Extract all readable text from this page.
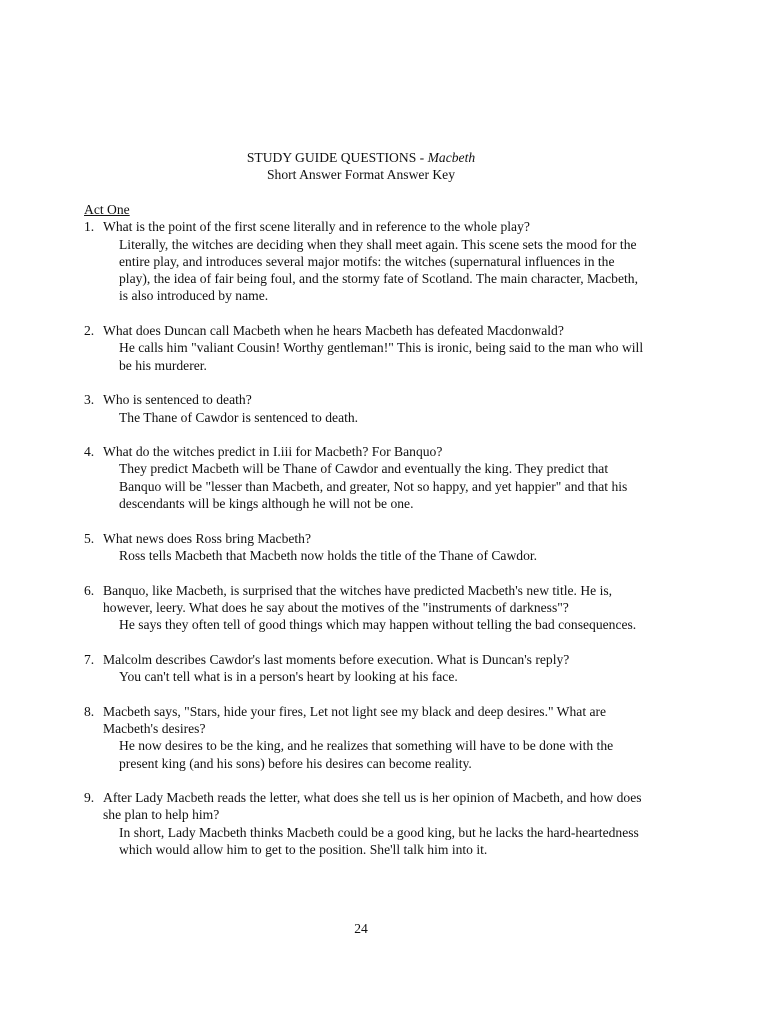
STUDY GUIDE QUESTIONS - Macbeth
Short Answer Format Answer Key
Act One
1. What is the point of the first scene literally and in reference to the whole play?
Literally, the witches are deciding when they shall meet again. This scene sets the mood for the entire play, and introduces several major motifs: the witches (supernatural influences in the play), the idea of fair being foul, and the stormy fate of Scotland. The main character, Macbeth, is also introduced by name.
2. What does Duncan call Macbeth when he hears Macbeth has defeated Macdonwald?
He calls him "valiant Cousin! Worthy gentleman!" This is ironic, being said to the man who will be his murderer.
3. Who is sentenced to death?
The Thane of Cawdor is sentenced to death.
4. What do the witches predict in I.iii for Macbeth? For Banquo?
They predict Macbeth will be Thane of Cawdor and eventually the king. They predict that Banquo will be "lesser than Macbeth, and greater, Not so happy, and yet happier" and that his descendants will be kings although he will not be one.
5. What news does Ross bring Macbeth?
Ross tells Macbeth that Macbeth now holds the title of the Thane of Cawdor.
6. Banquo, like Macbeth, is surprised that the witches have predicted Macbeth's new title. He is, however, leery. What does he say about the motives of the "instruments of darkness"?
He says they often tell of good things which may happen without telling the bad consequences.
7. Malcolm describes Cawdor's last moments before execution. What is Duncan's reply?
You can't tell what is in a person's heart by looking at his face.
8. Macbeth says, "Stars, hide your fires, Let not light see my black and deep desires." What are Macbeth's desires?
He now desires to be the king, and he realizes that something will have to be done with the present king (and his sons) before his desires can become reality.
9. After Lady Macbeth reads the letter, what does she tell us is her opinion of Macbeth, and how does she plan to help him?
In short, Lady Macbeth thinks Macbeth could be a good king, but he lacks the hard-heartedness which would allow him to get to the position. She'll talk him into it.
24
